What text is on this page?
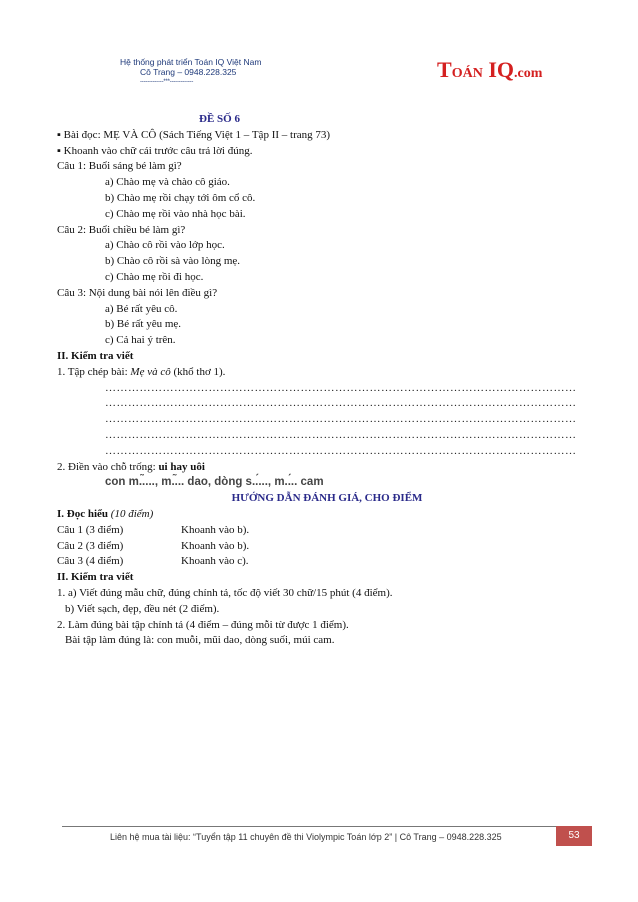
Hệ thống phát triển Toán IQ Việt Nam
Cô Trang – 0948.228.325
-------------***-------------	TOÁN IQ.com
ĐỀ SỐ 6
▪ Bài đọc: MẸ VÀ CÔ (Sách Tiếng Việt 1 – Tập II – trang 73)
▪ Khoanh vào chữ cái trước câu trả lời đúng.
Câu 1: Buổi sáng bé làm gì?
a) Chào mẹ và chào cô giáo.
b) Chào mẹ rồi chạy tới ôm cổ cô.
c) Chào mẹ rồi vào nhà học bài.
Câu 2: Buổi chiều bé làm gì?
a) Chào cô rồi vào lớp học.
b) Chào cô rồi sà vào lòng mẹ.
c) Chào mẹ rồi đi học.
Câu 3: Nội dung bài nói lên điều gì?
a) Bé rất yêu cô.
b) Bé rất yêu mẹ.
c) Cả hai ý trên.
II. Kiểm tra viết
1. Tập chép bài: Mẹ và cô (khổ thơ 1).
……………………………………………………………………………………………………………
……………………………………………………………………………………………………………
……………………………………………………………………………………………………………
……………………………………………………………………………………………………………
……………………………………………………………………………………………………………
2. Điền vào chỗ trống: ui hay uôi
con m..̃..., m..̃.. dao, dòng s..́..., m..́.. cam
HƯỚNG DẪN ĐÁNH GIÁ, CHO ĐIỂM
I. Đọc hiểu (10 điểm)
Câu 1 (3 điểm)	Khoanh vào b).
Câu 2 (3 điểm)	Khoanh vào b).
Câu 3 (4 điểm)	Khoanh vào c).
II. Kiểm tra viết
1. a) Viết đúng mẫu chữ, đúng chính tả, tốc độ viết 30 chữ/15 phút (4 điểm).
b) Viết sạch, đẹp, đều nét (2 điểm).
2. Làm đúng bài tập chính tả (4 điểm – đúng mỗi từ được 1 điểm).
Bài tập làm đúng là: con muỗi, mũi dao, dòng suối, múi cam.
Liên hệ mua tài liệu: “Tuyển tập 11 chuyên đề thi Violympic Toán lớp 2” | Cô Trang – 0948.228.325	53
